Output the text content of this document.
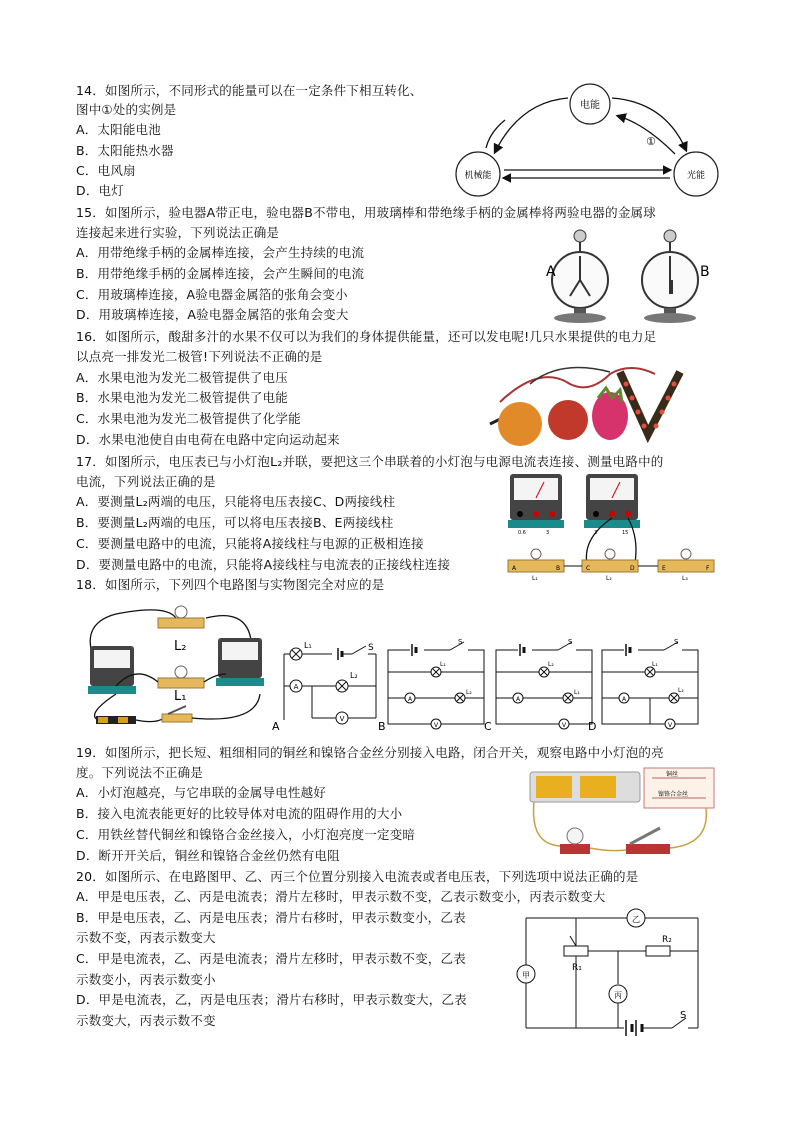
14．如图所示，不同形式的能量可以在一定条件下相互转化、
图中①处的实例是
A．太阳能电池
B．太阳能热水器
C．电风扇
D．电灯
电能
机械能	光能
①
15．如图所示，验电器A带正电，验电器B不带电，用玻璃棒和带绝缘手柄的金属棒将两验电器的金属球
连接起来进行实验，下列说法正确是
A．用带绝缘手柄的金属棒连接，会产生持续的电流
B．用带绝缘手柄的金属棒连接，会产生瞬间的电流
C．用玻璃棒连接，A验电器金属箔的张角会变小
D．用玻璃棒连接，A验电器金属箔的张角会变大
A	B
16．如图所示，酸甜多汁的水果不仅可以为我们的身体提供能量，还可以发电呢!几只水果提供的电力足
以点亮一排发光二极管!下列说法不正确的是
A．水果电池为发光二极管提供了电压
B．水果电池为发光二极管提供了电能
C．水果电池为发光二极管提供了化学能
D．水果电池使自由电荷在电路中定向运动起来
17．如图所示，电压表已与小灯泡L₂并联，要把这三个串联着的小灯泡与电源电流表连接、测量电路中的
电流，下列说法正确的是
A．要测量L₂两端的电压，只能将电压表接C、D两接线柱
B．要测量L₂两端的电压，可以将电压表接B、E两接线柱
C．要测量电路中的电流，只能将A接线柱与电源的正极相连接
D．要测量电路中的电流，只能将A接线柱与电流表的正接线柱连接
0.6	3	3	15
A	B	C	D	E	F
L₁	L₂	L₃
18．如图所示，下列四个电路图与实物图完全对应的是
L₂
L₁
L₁	S
A
L₂
V
A
S
L₁
A
L₂
V
B
S
L₂
A
L₁
V
C
S
L₁
A
L₂
V
D
19．如图所示，把长短、粗细相同的铜丝和镍铬合金丝分别接入电路，闭合开关，观察电路中小灯泡的亮
度。下列说法不正确是
A．小灯泡越亮，与它串联的金属导电性越好
B．接入电流表能更好的比较导体对电流的阻碍作用的大小
C．用铁丝替代铜丝和镍铬合金丝接入，小灯泡亮度一定变暗
D．断开开关后，铜丝和镍铬合金丝仍然有电阻
铜丝
镍铬合金丝
20．如图所示、在电路图甲、乙、丙三个位置分别接入电流表或者电压表，下列选项中说法正确的是
A．甲是电压表，乙、丙是电流表；滑片左移时，甲表示数不变，乙表示数变小，丙表示数变大
B．甲是电压表，乙、丙是电压表；滑片右移时，甲表示数变小，乙表
示数不变，丙表示数变大
C．甲是电流表，乙、丙是电流表；滑片左移时，甲表示数不变，乙表
示数变小，丙表示数变小
D．甲是电流表，乙，丙是电压表；滑片右移时，甲表示数变大，乙表
示数变大，丙表示数不变	S
甲
乙
R₁
R₂
丙
